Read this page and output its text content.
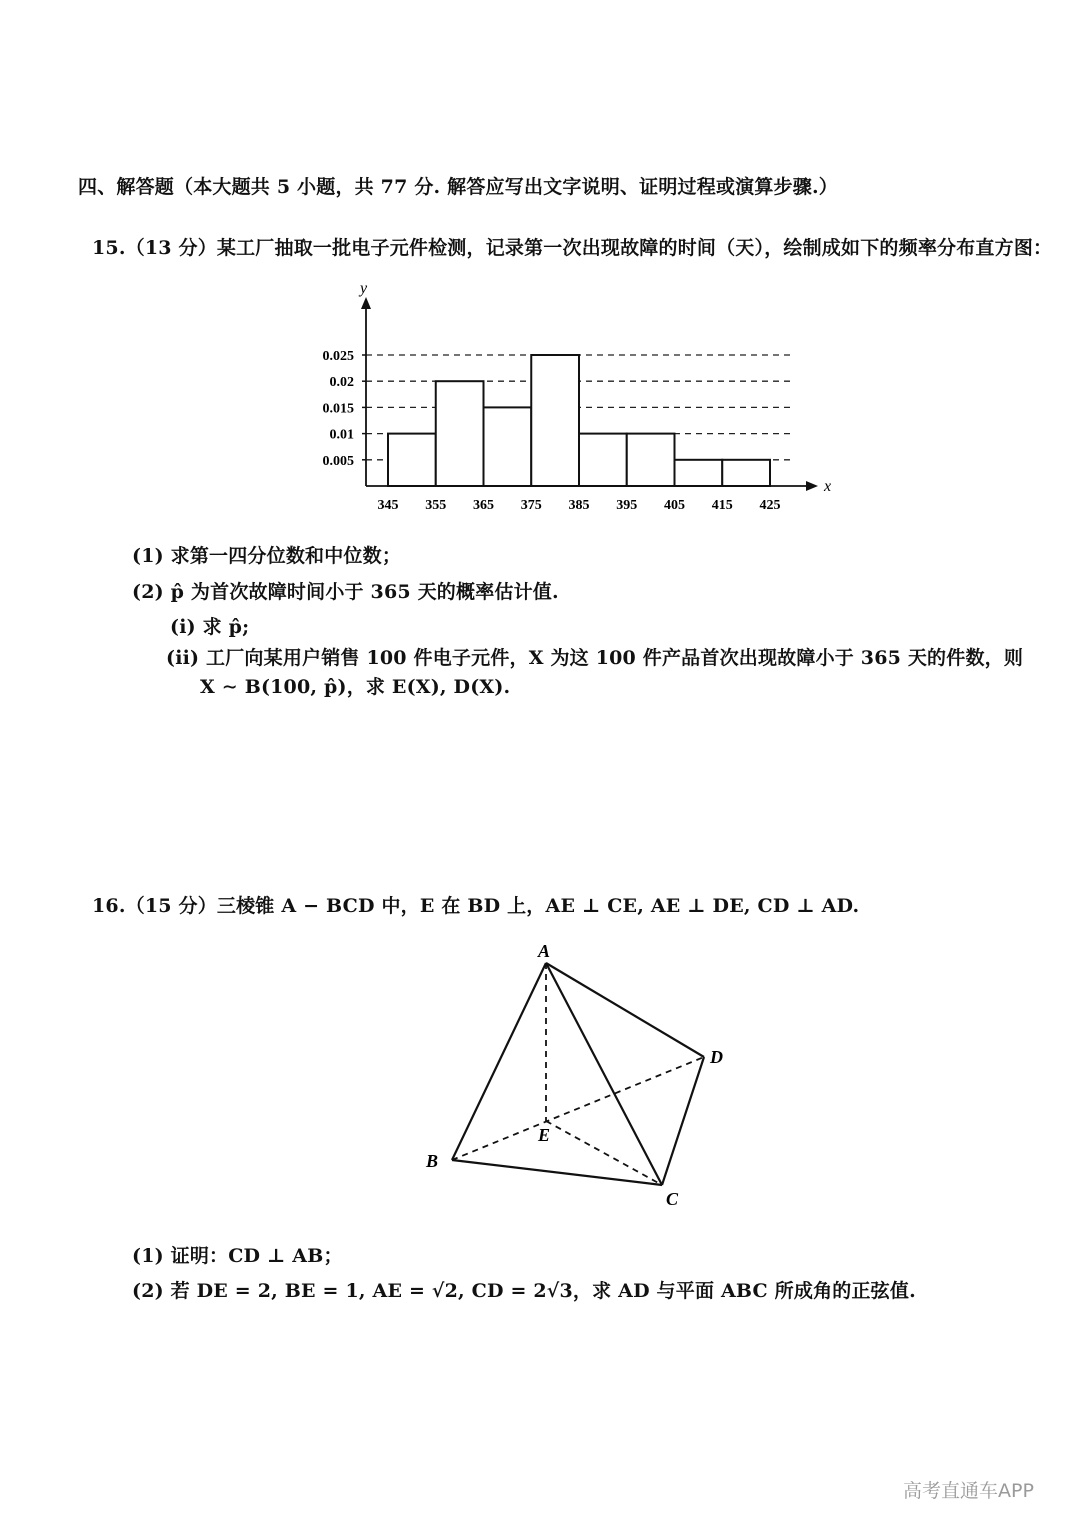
四、解答题（本大题共 5 小题，共 77 分. 解答应写出文字说明、证明过程或演算步骤.）
15.（13 分）某工厂抽取一批电子元件检测，记录第一次出现故障的时间（天），绘制成如下的频率分布直方图：
345 355 365 375 385 395 405 415 425
0.005
0.01
0.015
0.02
0.025
x
y
(1) 求第一四分位数和中位数；
(2) p̂ 为首次故障时间小于 365 天的概率估计值.
(i) 求 p̂;
(ii) 工厂向某用户销售 100 件电子元件，X 为这 100 件产品首次出现故障小于 365 天的件数，则
X ∼ B(100, p̂)，求 E(X), D(X).
16.（15 分）三棱锥 A − BCD 中，E 在 BD 上，AE ⊥ CE, AE ⊥ DE, CD ⊥ AD.
A
B
C
D
E
(1) 证明：CD ⊥ AB；
(2) 若 DE = 2, BE = 1, AE = √2, CD = 2√3，求 AD 与平面 ABC 所成角的正弦值.
高考直通车APP
